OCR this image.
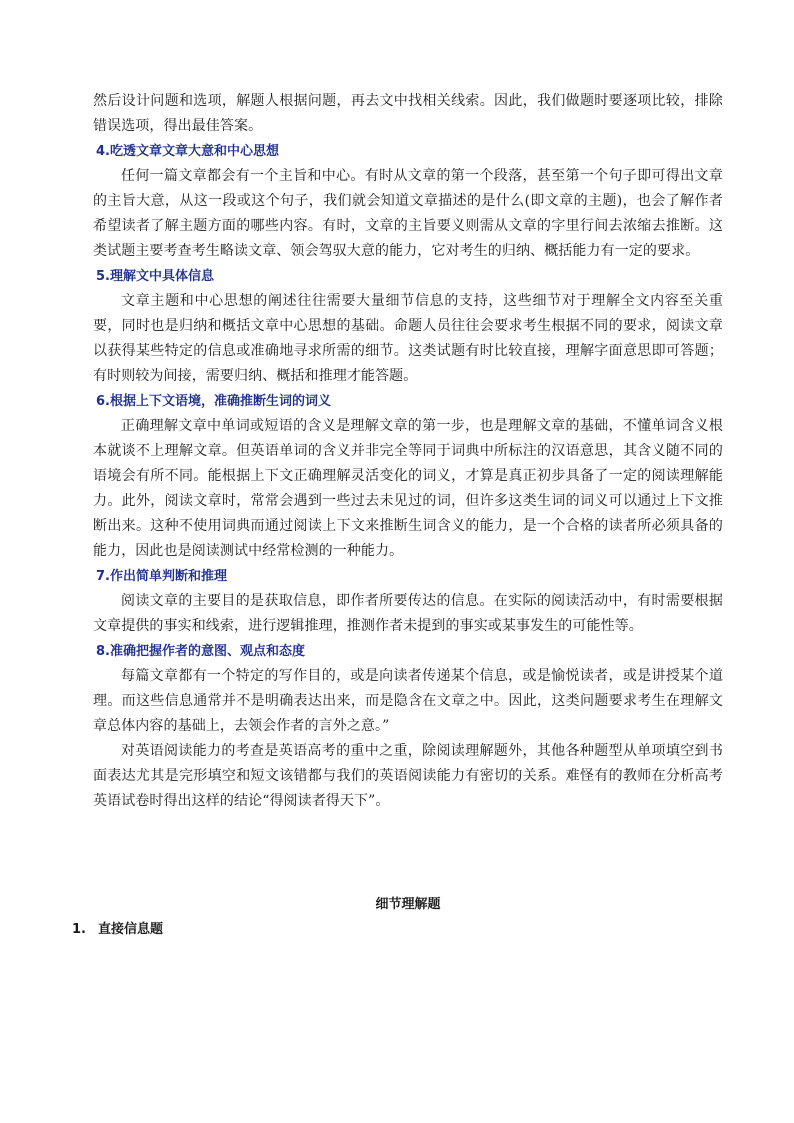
然后设计问题和选项，解题人根据问题，再去文中找相关线索。因此，我们做题时要逐项比较，排除错误选项，得出最佳答案。

4.吃透文章文章大意和中心思想

任何一篇文章都会有一个主旨和中心。有时从文章的第一个段落，甚至第一个句子即可得出文章的主旨大意，从这一段或这个句子，我们就会知道文章描述的是什么(即文章的主题)，也会了解作者希望读者了解主题方面的哪些内容。有时，文章的主旨要义则需从文章的字里行间去浓缩去推断。这类试题主要考查考生略读文章、领会驾驭大意的能力，它对考生的归纳、概括能力有一定的要求。

5.理解文中具体信息

文章主题和中心思想的阐述往往需要大量细节信息的支持，这些细节对于理解全文内容至关重要，同时也是归纳和概括文章中心思想的基础。命题人员往往会要求考生根据不同的要求，阅读文章以获得某些特定的信息或准确地寻求所需的细节。这类试题有时比较直接，理解字面意思即可答题；有时则较为间接，需要归纳、概括和推理才能答题。

6.根据上下文语境，准确推断生词的词义

正确理解文章中单词或短语的含义是理解文章的第一步，也是理解文章的基础，不懂单词含义根本就谈不上理解文章。但英语单词的含义并非完全等同于词典中所标注的汉语意思，其含义随不同的语境会有所不同。能根据上下文正确理解灵活变化的词义，才算是真正初步具备了一定的阅读理解能力。此外，阅读文章时，常常会遇到一些过去未见过的词，但许多这类生词的词义可以通过上下文推断出来。这种不使用词典而通过阅读上下文来推断生词含义的能力，是一个合格的读者所必须具备的能力，因此也是阅读测试中经常检测的一种能力。

7.作出简单判断和推理

阅读文章的主要目的是获取信息，即作者所要传达的信息。在实际的阅读活动中，有时需要根据文章提供的事实和线索，进行逻辑推理，推测作者未提到的事实或某事发生的可能性等。

8.准确把握作者的意图、观点和态度

每篇文章都有一个特定的写作目的，或是向读者传递某个信息，或是愉悦读者，或是讲授某个道理。而这些信息通常并不是明确表达出来，而是隐含在文章之中。因此，这类问题要求考生在理解文章总体内容的基础上，去领会作者的言外之意。”

对英语阅读能力的考查是英语高考的重中之重，除阅读理解题外，其他各种题型从单项填空到书面表达尤其是完形填空和短文该错都与我们的英语阅读能力有密切的关系。难怪有的教师在分析高考英语试卷时得出这样的结论“得阅读者得天下”。

细节理解题

1. 直接信息题
